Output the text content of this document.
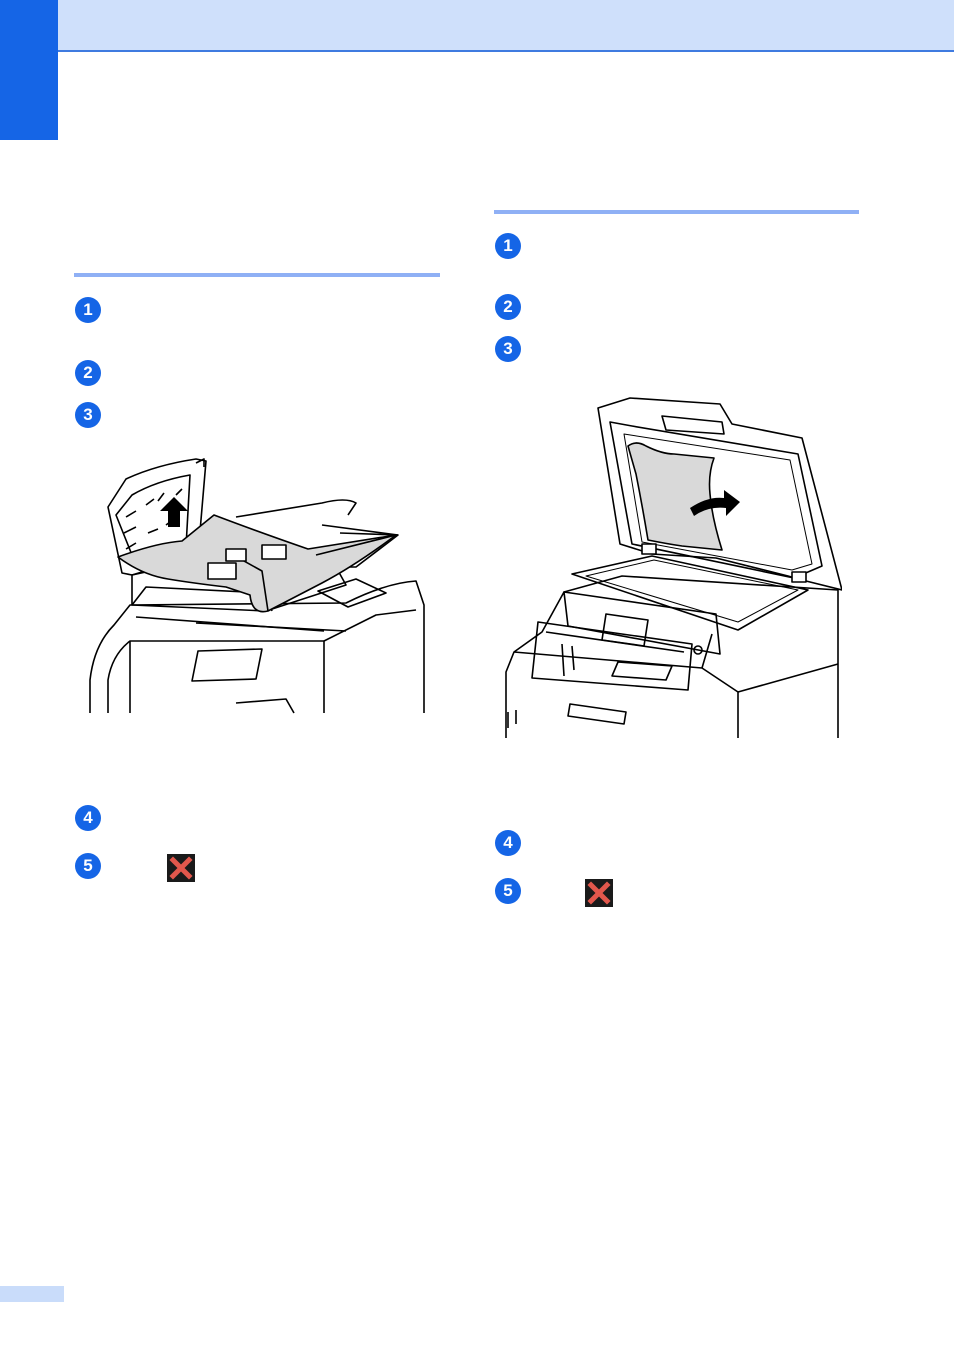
1
2
3
4
5
1
2
3
4
5
